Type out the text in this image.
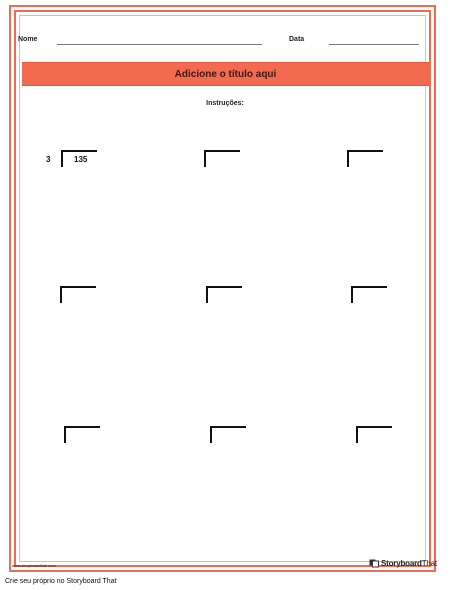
Nome	Data
Adicione o título aqui
Instruções:
3	135
www.storyboardthat.com	StoryboardThat
Crie seu próprio no Storyboard That
